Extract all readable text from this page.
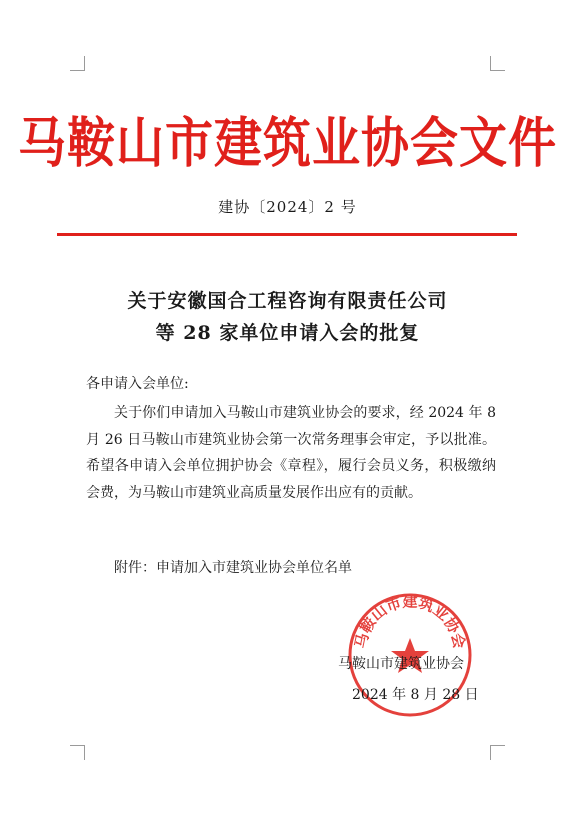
马鞍山市建筑业协会文件
建协〔2024〕2 号
关于安徽国合工程咨询有限责任公司
等 28 家单位申请入会的批复
各申请入会单位:
关于你们申请加入马鞍山市建筑业协会的要求，经 2024 年 8 月 26 日马鞍山市建筑业协会第一次常务理事会审定，予以批准。希望各申请入会单位拥护协会《章程》，履行会员义务，积极缴纳会费，为马鞍山市建筑业高质量发展作出应有的贡献。
附件：申请加入市建筑业协会单位名单
马鞍山市建筑业协会
马鞍山市建筑业协会
2024 年 8 月 28 日
